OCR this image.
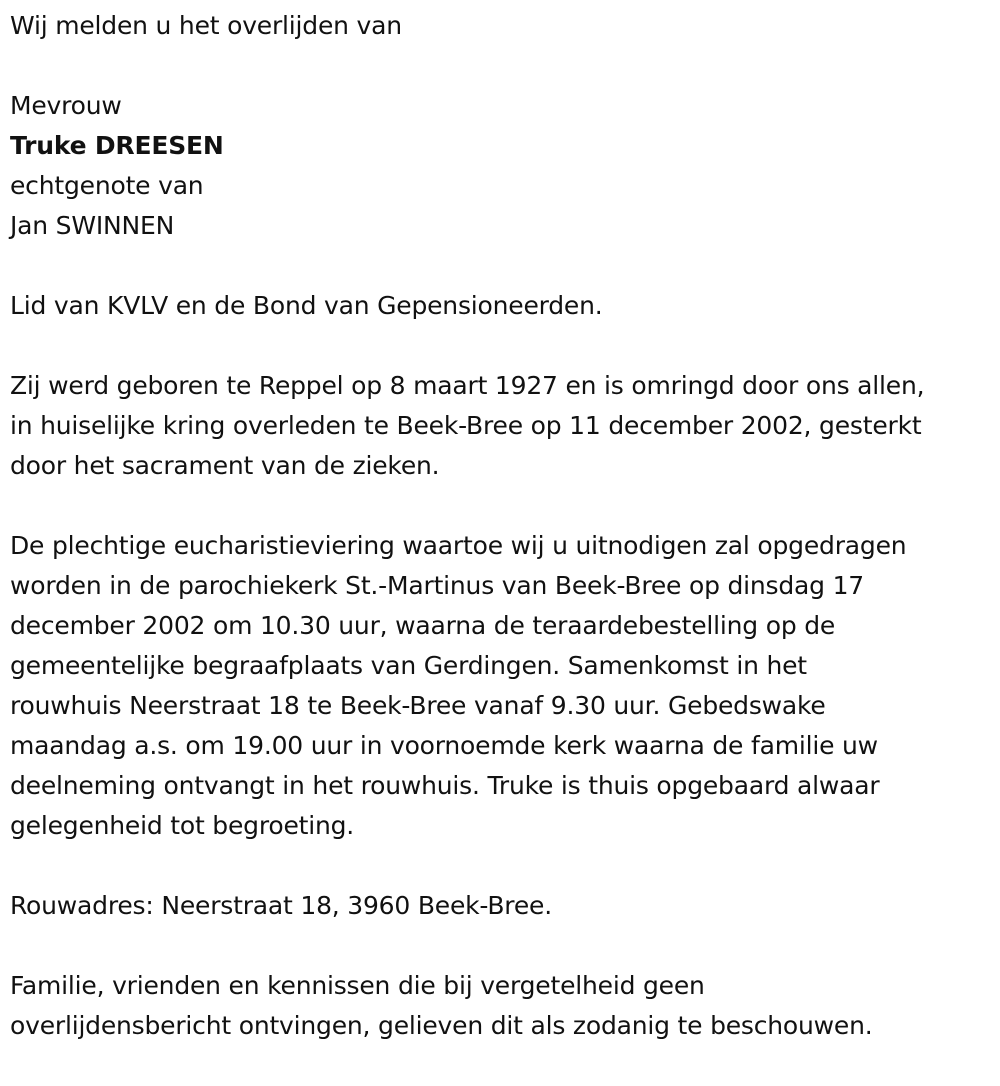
Wij melden u het overlijden van
Mevrouw
Truke DREESEN
echtgenote van
Jan SWINNEN
Lid van KVLV en de Bond van Gepensioneerden.
Zij werd geboren te Reppel op 8 maart 1927 en is omringd door ons allen,
in huiselijke kring overleden te Beek-Bree op 11 december 2002, gesterkt
door het sacrament van de zieken.
De plechtige eucharistieviering waartoe wij u uitnodigen zal opgedragen
worden in de parochiekerk St.-Martinus van Beek-Bree op dinsdag 17
december 2002 om 10.30 uur, waarna de teraardebestelling op de
gemeentelijke begraafplaats van Gerdingen. Samenkomst in het
rouwhuis Neerstraat 18 te Beek-Bree vanaf 9.30 uur. Gebedswake
maandag a.s. om 19.00 uur in voornoemde kerk waarna de familie uw
deelneming ontvangt in het rouwhuis. Truke is thuis opgebaard alwaar
gelegenheid tot begroeting.
Rouwadres: Neerstraat 18, 3960 Beek-Bree.
Familie, vrienden en kennissen die bij vergetelheid geen
overlijdensbericht ontvingen, gelieven dit als zodanig te beschouwen.
